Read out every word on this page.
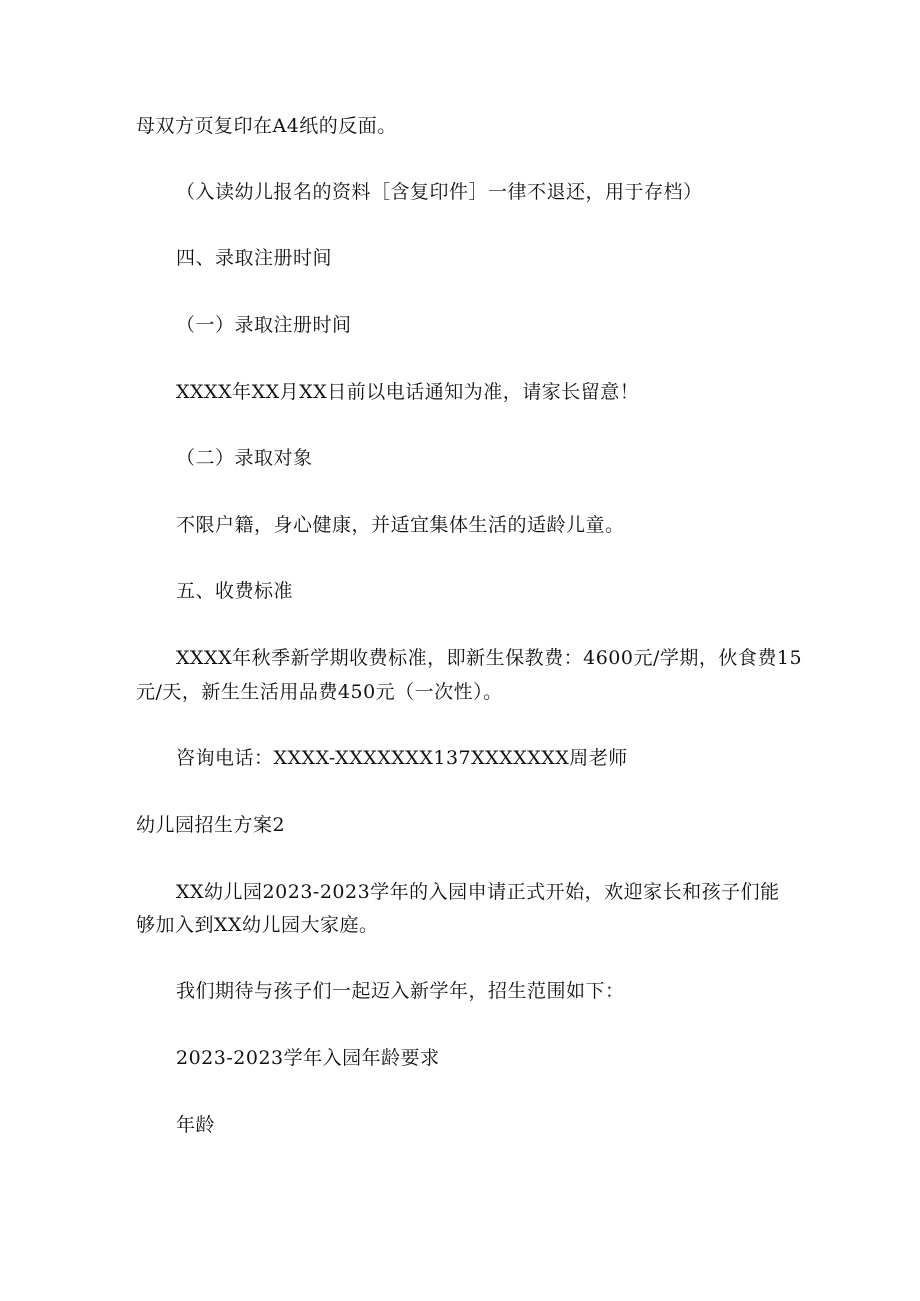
母双方页复印在A4纸的反面。
（入读幼儿报名的资料［含复印件］一律不退还，用于存档）
四、录取注册时间
（一）录取注册时间
XXXX年XX月XX日前以电话通知为准，请家长留意！
（二）录取对象
不限户籍，身心健康，并适宜集体生活的适龄儿童。
五、收费标准
XXXX年秋季新学期收费标准，即新生保教费：4600元/学期，伙食费15
元/天，新生生活用品费450元（一次性）。
咨询电话：XXXX-XXXXXXX137XXXXXXX周老师
幼儿园招生方案2
XX幼儿园2023-2023学年的入园申请正式开始，欢迎家长和孩子们能
够加入到XX幼儿园大家庭。
我们期待与孩子们一起迈入新学年，招生范围如下：
2023-2023学年入园年龄要求
年龄
